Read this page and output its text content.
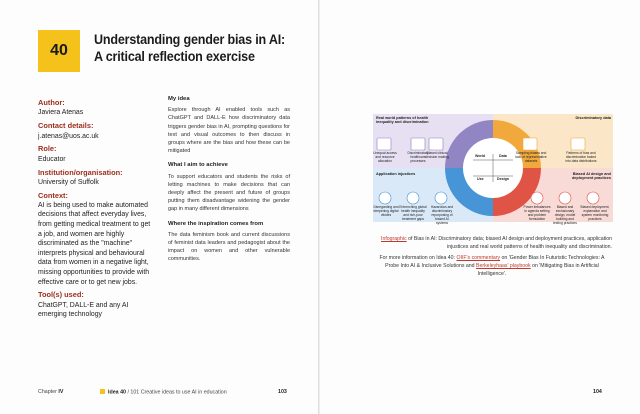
40
Understanding gender bias in AI: A critical reflection exercise
Author:
Javiera Atenas
Contact details:
j.atenas@uos.ac.uk
Role:
Educator
Institution/organisation:
University of Suffolk
Context:
AI is being used to make automated decisions that affect everyday lives, from getting medical treatment to get a job, and women are highly discriminated as the "machine" interprets physical and behavioural data from women in a negative light, missing opportunities to provide with effective care or to get new jobs.
Tool(s) used:
ChatGPT, DALL-E and any AI emerging technology
My idea
Explore through AI enabled tools such as ChatGPT and DALL-E how discriminatory data triggers gender bias in AI, prompting questions for text and visual outcomes to then discuss in groups where are the bias and how these can be mitigated
What I aim to achieve
To support educators and students the risks of letting machines to make decisions that can deeply affect the present and future of groups putting them disadvantage widening the gender gap in many different dimensions
Where the inspiration comes from
The data feminism book and current discussions of feminist data leaders and pedagogist about the impact on women and other vulnerable communities.
Real world patterns of health inequality and discrimination
Discriminatory data
Application injustices	Biased AI design and deployment practices
Unequal access and resource allocation
Discriminatory healthcare processes
Biased clinical decision making
Sampling biases and lack of representative datasets
Patterns of bias and discrimination baked into data distributions
Disregarding and deepening digital divides
Entrenching global health inequality and rich-poor treatment gaps
Hazardous and discriminatory repurposing of biased AI systems
Power imbalances in agenda setting and problem formulation
Biased and exclusionary design, model building and testing practices
Biased deployment, explanation and system monitoring practices
World	Data
Use	Design
Infographic of Bias in AI: Discriminatory data; biased AI design and deployment practices, application injustices and real world patterns of health inequality and discrimination.
For more information on Idea 40: OIIF's commentary on 'Gender Bias In Futuristic Technologies: A Probe Into AI & Inclusive Solutions and Berkeleyhaas' playbook on 'Mitigating Bias in Artificial Intelligence'.
Chapter IV	Idea 40 / 101 Creative ideas to use AI in education	103	104
